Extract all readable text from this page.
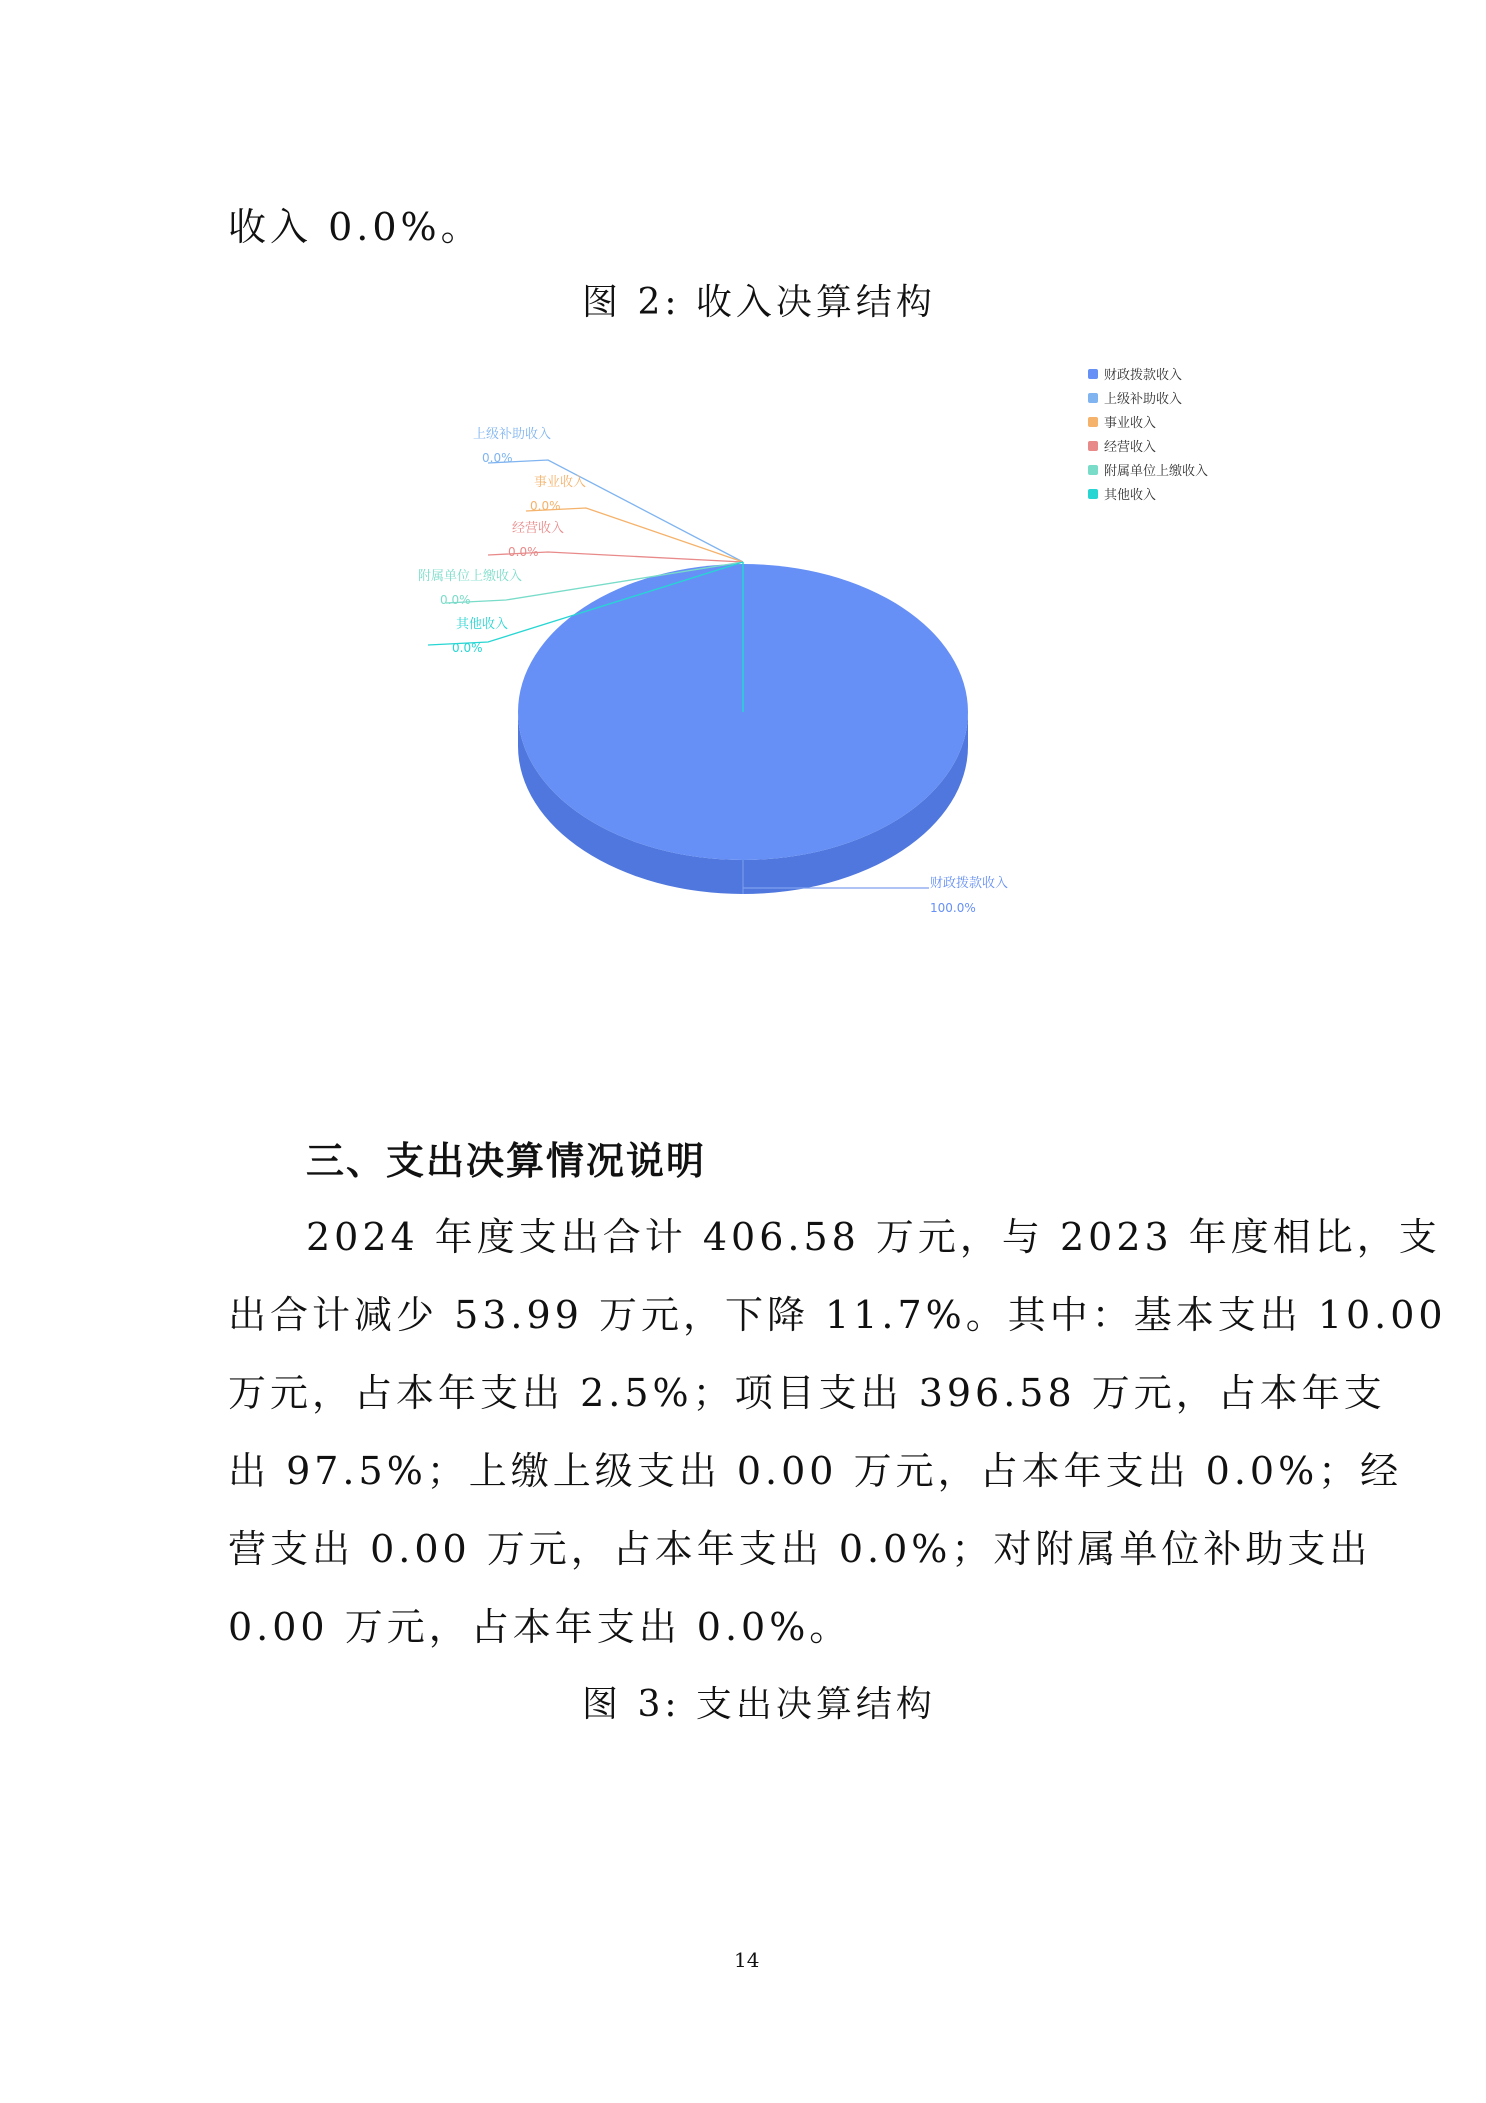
收入 0.0%。
图 2: 收入决算结构
上级补助收入
0.0%
事业收入
0.0%
经营收入
0.0%
附属单位上缴收入
0.0%
其他收入
0.0%
财政拨款收入
100.0%
财政拨款收入
上级补助收入
事业收入
经营收入
附属单位上缴收入
其他收入
三、支出决算情况说明
2024 年度支出合计 406.58 万元，与 2023 年度相比，支
出合计减少 53.99 万元，下降 11.7%。其中：基本支出 10.00
万元，占本年支出 2.5%；项目支出 396.58 万元，占本年支
出 97.5%；上缴上级支出 0.00 万元，占本年支出 0.0%；经
营支出 0.00 万元，占本年支出 0.0%；对附属单位补助支出
0.00 万元，占本年支出 0.0%。
图 3: 支出决算结构
14
